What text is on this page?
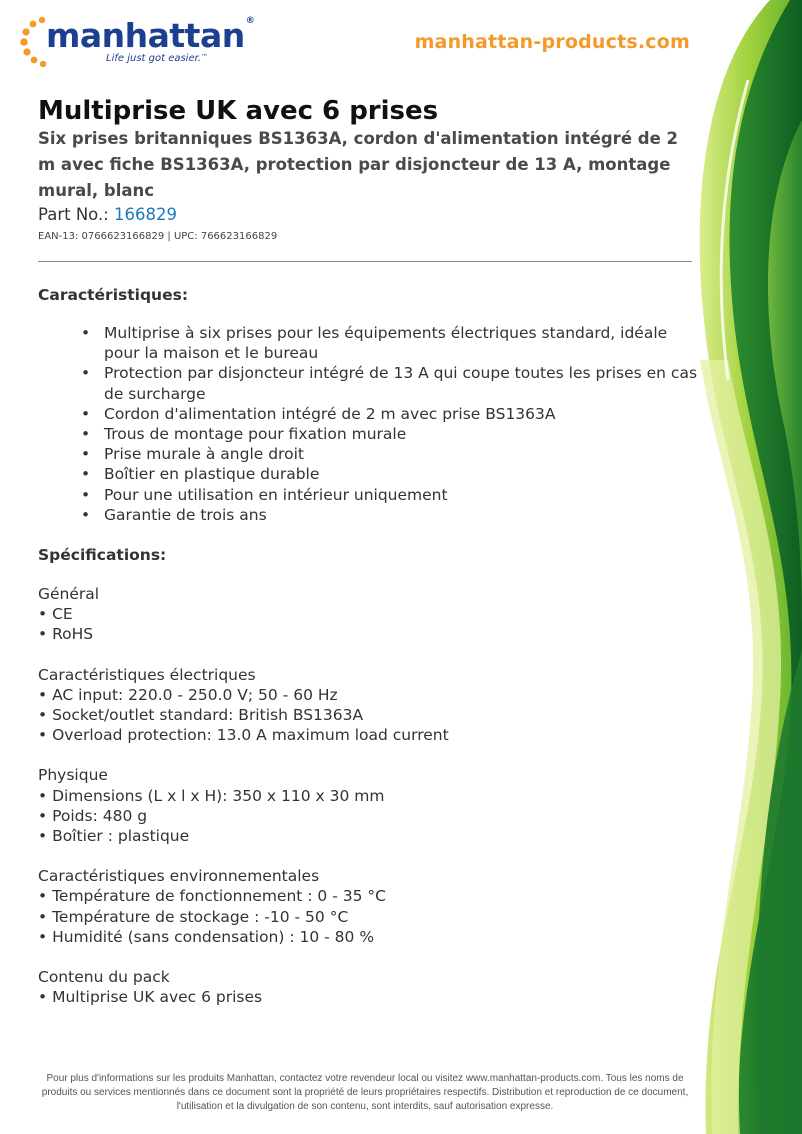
manhattan®
Life just got easier.™
manhattan-products.com
Multiprise UK avec 6 prises

Six prises britanniques BS1363A, cordon d'alimentation intégré de 2 m avec fiche BS1363A, protection par disjoncteur de 13 A, montage mural, blanc

Part No.: 166829

EAN-13: 0766623166829 | UPC: 766623166829

Caractéristiques:
• Multiprise à six prises pour les équipements électriques standard, idéale pour la maison et le bureau
• Protection par disjoncteur intégré de 13 A qui coupe toutes les prises en cas de surcharge
• Cordon d'alimentation intégré de 2 m avec prise BS1363A
• Trous de montage pour fixation murale
• Prise murale à angle droit
• Boîtier en plastique durable
• Pour une utilisation en intérieur uniquement
• Garantie de trois ans
Spécifications:
Général
• CE
• RoHS
Caractéristiques électriques
• AC input: 220.0 - 250.0 V; 50 - 60 Hz
• Socket/outlet standard: British BS1363A
• Overload protection: 13.0 A maximum load current
Physique
• Dimensions (L x l x H): 350 x 110 x 30 mm
• Poids: 480 g
• Boîtier : plastique
Caractéristiques environnementales
• Température de fonctionnement : 0 - 35 °C
• Température de stockage : -10 - 50 °C
• Humidité (sans condensation) : 10 - 80 %
Contenu du pack
• Multiprise UK avec 6 prises

Pour plus d'informations sur les produits Manhattan, contactez votre revendeur local ou visitez www.manhattan-products.com. Tous les noms de produits ou services mentionnés dans ce document sont la propriété de leurs propriétaires respectifs. Distribution et reproduction de ce document, l'utilisation et la divulgation de son contenu, sont interdits, sauf autorisation expresse.
